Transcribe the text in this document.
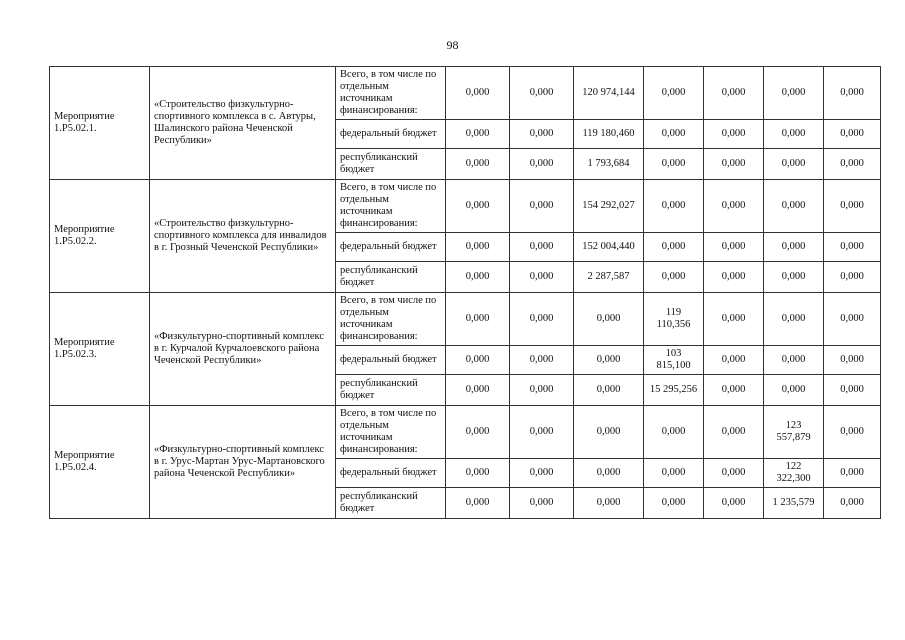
98
Мероприятие 1.Р5.02.1.	«Строительство физкультурно-спортивного комплекса в с. Автуры, Шалинского района Чеченской Республики»	Всего, в том числе по отдельным источникам финансирования:	0,000	0,000	120 974,144	0,000	0,000	0,000	0,000
		федеральный бюджет	0,000	0,000	119 180,460	0,000	0,000	0,000	0,000
		республиканский бюджет	0,000	0,000	1 793,684	0,000	0,000	0,000	0,000
Мероприятие 1.Р5.02.2.	«Строительство физкультурно-спортивного комплекса для инвалидов в г. Грозный Чеченской Республики»	Всего, в том числе по отдельным источникам финансирования:	0,000	0,000	154 292,027	0,000	0,000	0,000	0,000
		федеральный бюджет	0,000	0,000	152 004,440	0,000	0,000	0,000	0,000
		республиканский бюджет	0,000	0,000	2 287,587	0,000	0,000	0,000	0,000
Мероприятие 1.Р5.02.3.	«Физкультурно-спортивный комплекс в г. Курчалой Курчалоевского района Чеченской Республики»	Всего, в том числе по отдельным источникам финансирования:	0,000	0,000	0,000	119 110,356	0,000	0,000	0,000
		федеральный бюджет	0,000	0,000	0,000	103 815,100	0,000	0,000	0,000
		республиканский бюджет	0,000	0,000	0,000	15 295,256	0,000	0,000	0,000
Мероприятие 1.Р5.02.4.	«Физкультурно-спортивный комплекс в г. Урус-Мартан Урус-Мартановского района Чеченской Республики»	Всего, в том числе по отдельным источникам финансирования:	0,000	0,000	0,000	0,000	0,000	123 557,879	0,000
		федеральный бюджет	0,000	0,000	0,000	0,000	0,000	122 322,300	0,000
		республиканский бюджет	0,000	0,000	0,000	0,000	0,000	1 235,579	0,000
